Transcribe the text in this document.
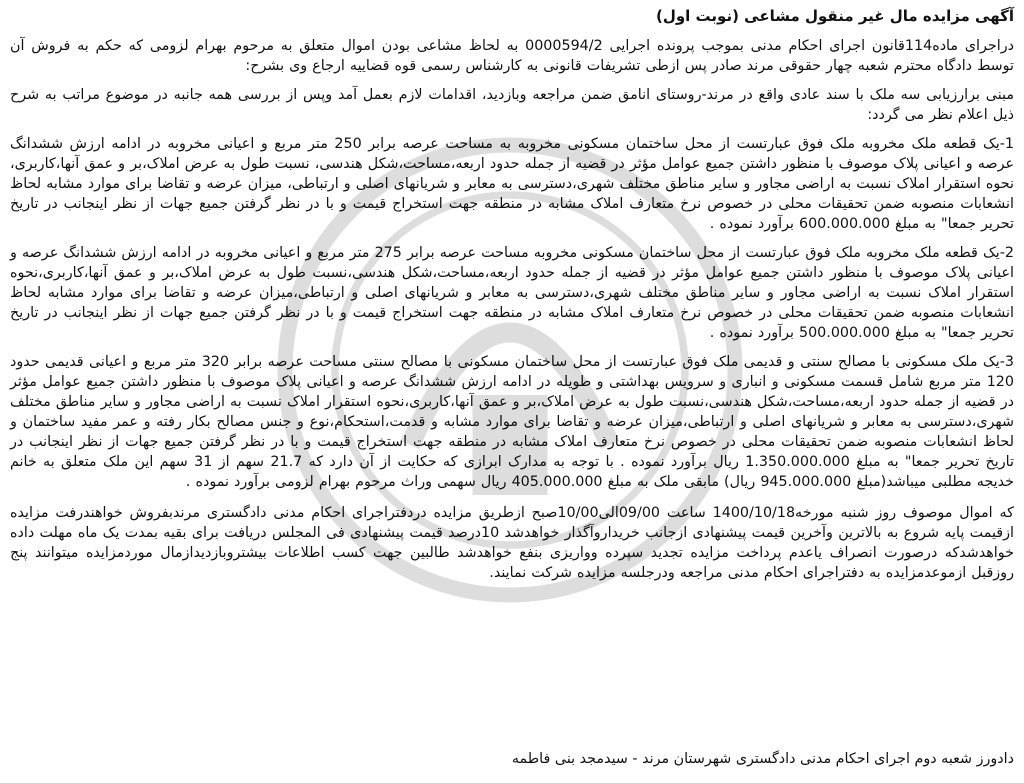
آگهی مزایده مال غیر منقول مشاعی (نوبت اول)

دراجرای ماده114قانون اجرای احکام مدنی بموجب پرونده اجرایی 0000594/2 به لحاظ مشاعی بودن اموال متعلق به مرحوم بهرام لزومی که حکم به فروش آن توسط دادگاه محترم شعبه چهار حقوقی مرند صادر پس ازطی تشریفات قانونی به کارشناس رسمی قوه قضاییه ارجاع وی بشرح:

مبنی برارزیابی سه ملک با سند عادی واقع در مرند-روستای انامق ضمن مراجعه وبازدید، اقدامات لازم بعمل آمد وپس از بررسی همه جانبه در موضوع مراتب به شرح ذیل اعلام نظر می گردد:

1-یک قطعه ملک مخروبه ملک فوق عبارتست از محل ساختمان مسکونی مخروبه به مساحت عرصه برابر 250 متر مربع و اعیانی مخروبه در ادامه ارزش ششدانگ عرصه و اعیانی پلاک موصوف با منظور داشتن جمیع عوامل مؤثر در قضیه از جمله حدود اربعه،مساحت،شکل هندسی، نسبت طول به عرض املاک،بر و عمق آنها،کاربری، نحوه استقرار املاک نسبت به اراضی مجاور و سایر مناطق مختلف شهری،دسترسی به معابر و شریانهای اصلی و ارتباطی، میزان عرضه و تقاضا برای موارد مشابه لحاظ انشعابات منصوبه ضمن تحقیقات محلی در خصوص نرخ متعارف املاک مشابه در منطقه جهت استخراج قیمت و با در نظر گرفتن جمیع جهات از نظر اینجانب در تاریخ تحریر جمعا" به مبلغ 600.000.000 برآورد نموده .

2-یک قطعه ملک مخروبه ملک فوق عبارتست از محل ساختمان مسکونی مخروبه مساحت عرصه برابر 275 متر مربع و اعیانی مخروبه در ادامه ارزش ششدانگ عرصه و اعیانی پلاک موصوف با منظور داشتن جمیع عوامل مؤثر در قضیه از جمله حدود اربعه،مساحت،شکل هندسی،نسبت طول به عرض املاک،بر و عمق آنها،کاربری،نحوه استقرار املاک نسبت به اراضی مجاور و سایر مناطق مختلف شهری،دسترسی به معابر و شریانهای اصلی و ارتباطی،میزان عرضه و تقاضا برای موارد مشابه لحاظ انشعابات منصوبه ضمن تحقیقات محلی در خصوص نرخ متعارف املاک مشابه در منطقه جهت استخراج قیمت و با در نظر گرفتن جمیع جهات از نظر اینجانب در تاریخ تحریر جمعا" به مبلغ 500.000.000 برآورد نموده .

3-یک ملک مسکونی با مصالح سنتی و قدیمی ملک فوق عبارتست از محل ساختمان مسکونی با مصالح سنتی مساحت عرصه برابر 320 متر مربع و اعیانی قدیمی حدود 120 متر مربع شامل قسمت مسکونی و انباری و سرویس بهداشتی و طویله در ادامه ارزش ششدانگ عرصه و اعیانی پلاک موصوف با منظور داشتن جمیع عوامل مؤثر در قضیه از جمله حدود اربعه،مساحت،شکل هندسی،نسبت طول به عرض املاک،بر و عمق آنها،کاربری،نحوه استقرار املاک نسبت به اراضی مجاور و سایر مناطق مختلف شهری،دسترسی به معابر و شریانهای اصلی و ارتباطی،میزان عرضه و تقاضا برای موارد مشابه و قدمت،استحکام،نوع و جنس مصالح بکار رفته و عمر مفید ساختمان و لحاظ انشعابات منصوبه ضمن تحقیقات محلی در خصوص نرخ متعارف املاک مشابه در منطقه جهت استخراج قیمت و با در نظر گرفتن جمیع جهات از نظر اینجانب در تاریخ تحریر جمعا" به مبلغ 1.350.000.000 ریال برآورد نموده . با توجه به مدارک ابرازی که حکایت از آن دارد که 21.7 سهم از 31 سهم این ملک متعلق به خانم خدیجه مطلبی میباشد(مبلغ 945.000.000 ریال) مابقی ملک به مبلغ 405.000.000 ریال سهمی وراث مرحوم بهرام لزومی برآورد نموده .

که اموال موصوف روز شنبه مورخه1400/10/18 ساعت 09/00الی10/00صبح ازطریق مزایده دردفتراجرای احکام مدنی دادگستری مرندبفروش خواهندرفت مزایده ازقیمت پایه شروع به بالاترین وآخرین قیمت پیشنهادی ازجانب خریداروآگذار خواهدشد 10درصد قیمت پیشنهادی فی المجلس دریافت برای بقیه بمدت یک ماه مهلت داده خواهدشدکه درصورت انصراف یاعدم پرداخت مزایده تجدید سپرده وواریزی بنفع خواهدشد طالبین جهت کسب اطلاعات بیشتروبازدیدازمال موردمزایده میتوانند پنج روزقبل ازموعدمزایده به دفتراجرای احکام مدنی مراجعه ودرجلسه مزایده شرکت نمایند.

دادورز شعبه دوم اجرای احکام مدنی دادگستری شهرستان مرند - سیدمجد بنی فاطمه
